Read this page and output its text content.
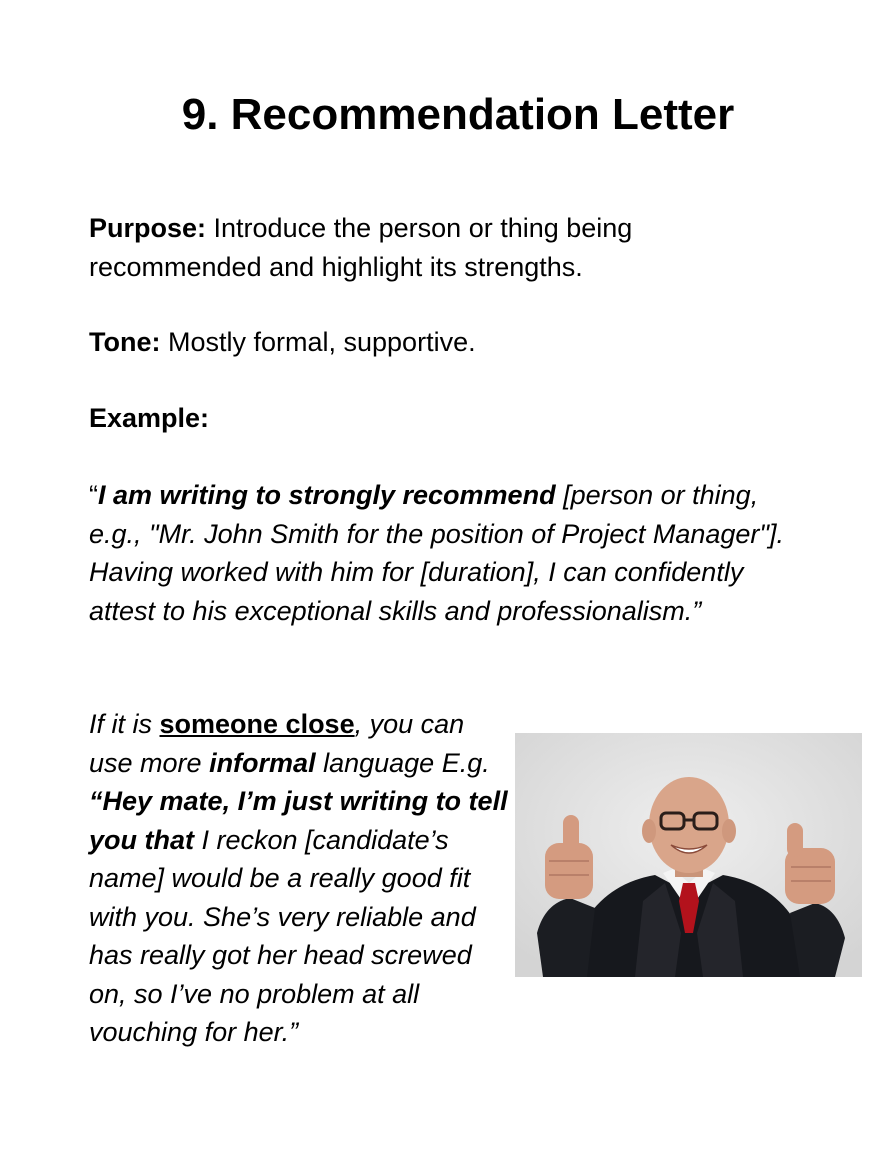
9. Recommendation Letter

Purpose: Introduce the person or thing being recommended and highlight its strengths.

Tone: Mostly formal, supportive.

Example:

“I am writing to strongly recommend [person or thing, e.g., "Mr. John Smith for the position of Project Manager"]. Having worked with him for [duration], I can confidently attest to his exceptional skills and professionalism.”

If it is someone close, you can use more informal language E.g. “Hey mate, I’m just writing to tell you that I reckon [candidate’s name] would be a really good fit with you. She’s very reliable and has really got her head screwed on, so I’ve no problem at all vouching for her.”
